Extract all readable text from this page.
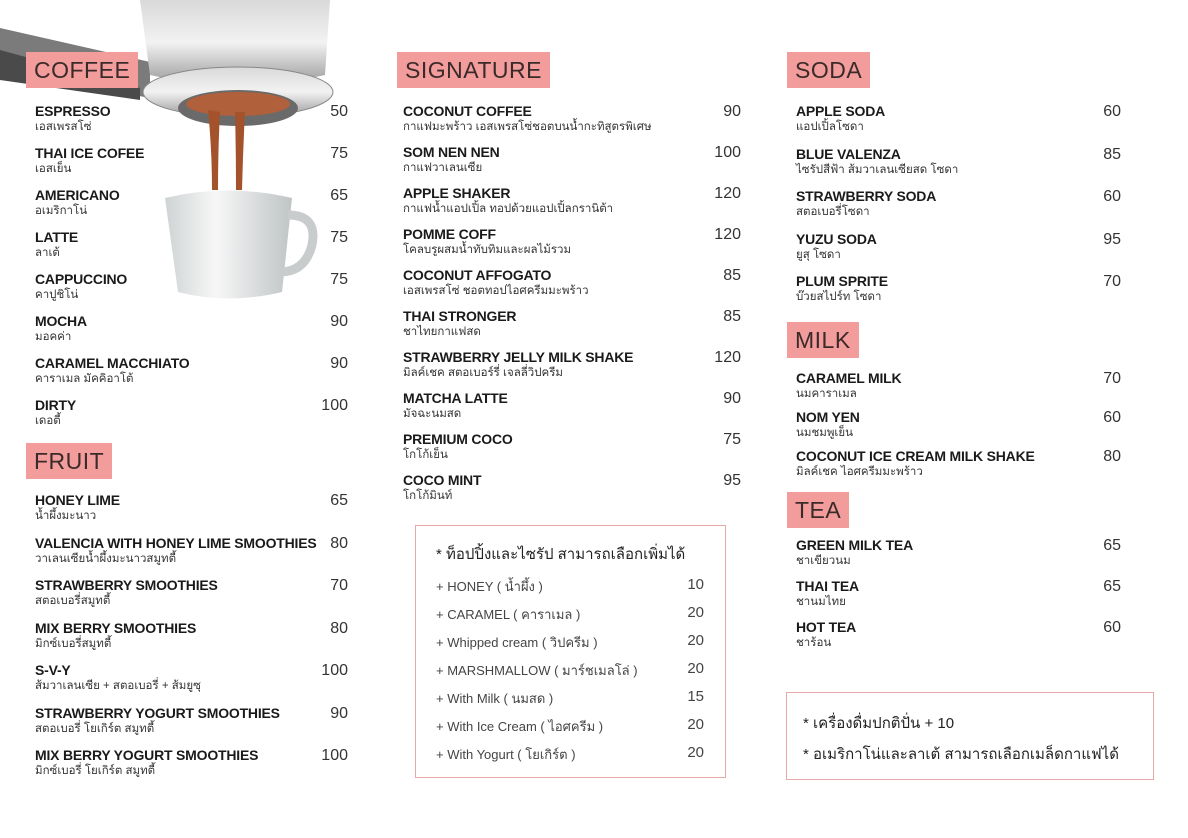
COFFEE
ESPRESSO
เอสเพรสโซ่
50
THAI ICE COFEE
เอสเย็น
75
AMERICANO
อเมริกาโน่
65
LATTE
ลาเต้
75
CAPPUCCINO
คาปูชิโน่
75
MOCHA
มอคค่า
90
CARAMEL MACCHIATO
คาราเมล มัคคิอาโต้
90
DIRTY
เดอตี้
100
FRUIT
HONEY LIME
น้ำผึ้งมะนาว
65
VALENCIA WITH HONEY LIME SMOOTHIES
วาเลนเซียน้ำผึ้งมะนาวสมูทตี้
80
STRAWBERRY SMOOTHIES
สตอเบอรี่สมูทตี้
70
MIX BERRY SMOOTHIES
มิกซ์เบอรี่สมูทตี้
80
S-V-Y
ส้มวาเลนเซีย + สตอเบอรี่ + ส้มยูซุ
100
STRAWBERRY YOGURT SMOOTHIES
สตอเบอรี่ โยเกิร์ต สมูทตี้
90
MIX BERRY YOGURT SMOOTHIES
มิกซ์เบอรี่ โยเกิร์ต สมูทตี้
100
SIGNATURE
COCONUT COFFEE
กาแฟมะพร้าว เอสเพรสโซ่ชอตบนน้ำกะทิสูตรพิเศษ
90
SOM NEN NEN
กาแฟวาเลนเซีย
100
APPLE SHAKER
กาแฟน้ำแอปเปิ้ล ทอปด้วยแอปเปิ้ลกรานิต้า
120
POMME COFF
โคลบรูผสมน้ำทับทิมและผลไม้รวม
120
COCONUT AFFOGATO
เอสเพรสโซ่ ชอตทอปไอศครีมมะพร้าว
85
THAI STRONGER
ชาไทยกาแฟสด
85
STRAWBERRY JELLY MILK SHAKE
มิลค์เชค สตอเบอร์รี่ เจลลี่วิปครีม
120
MATCHA LATTE
มัจฉะนมสด
90
PREMIUM COCO
โกโก้เย็น
75
COCO MINT
โกโก้มินท์
95
SODA
APPLE SODA
แอปเปิ้ลโซดา
60
BLUE VALENZA
ไซรัปสีฟ้า ส้มวาเลนเซียสด โซดา
85
STRAWBERRY SODA
สตอเบอรี่โซดา
60
YUZU SODA
ยูสุ โซดา
95
PLUM SPRITE
บ๊วยสไปร์ท โซดา
70
MILK
CARAMEL MILK
นมคาราเมล
70
NOM YEN
นมชมพูเย็น
60
COCONUT ICE CREAM MILK SHAKE
มิลค์เชค ไอศครีมมะพร้าว
80
TEA
GREEN MILK TEA
ชาเขียวนม
65
THAI TEA
ชานมไทย
65
HOT TEA
ชาร้อน
60
* ท็อปปิ้งและไซรัป สามารถเลือกเพิ่มได้
+ HONEY ( น้ำผึ้ง )	10
+ CARAMEL ( คาราเมล )	20
+ Whipped cream ( วิปครีม )	20
+ MARSHMALLOW ( มาร์ชเมลโล่ )	20
+ With Milk ( นมสด )	15
+ With Ice Cream ( ไอศครีม )	20
+ With Yogurt ( โยเกิร์ต )	20
* เครื่องดื่มปกติปั่น + 10
* อเมริกาโน่และลาเต้ สามารถเลือกเมล็ดกาแฟได้
